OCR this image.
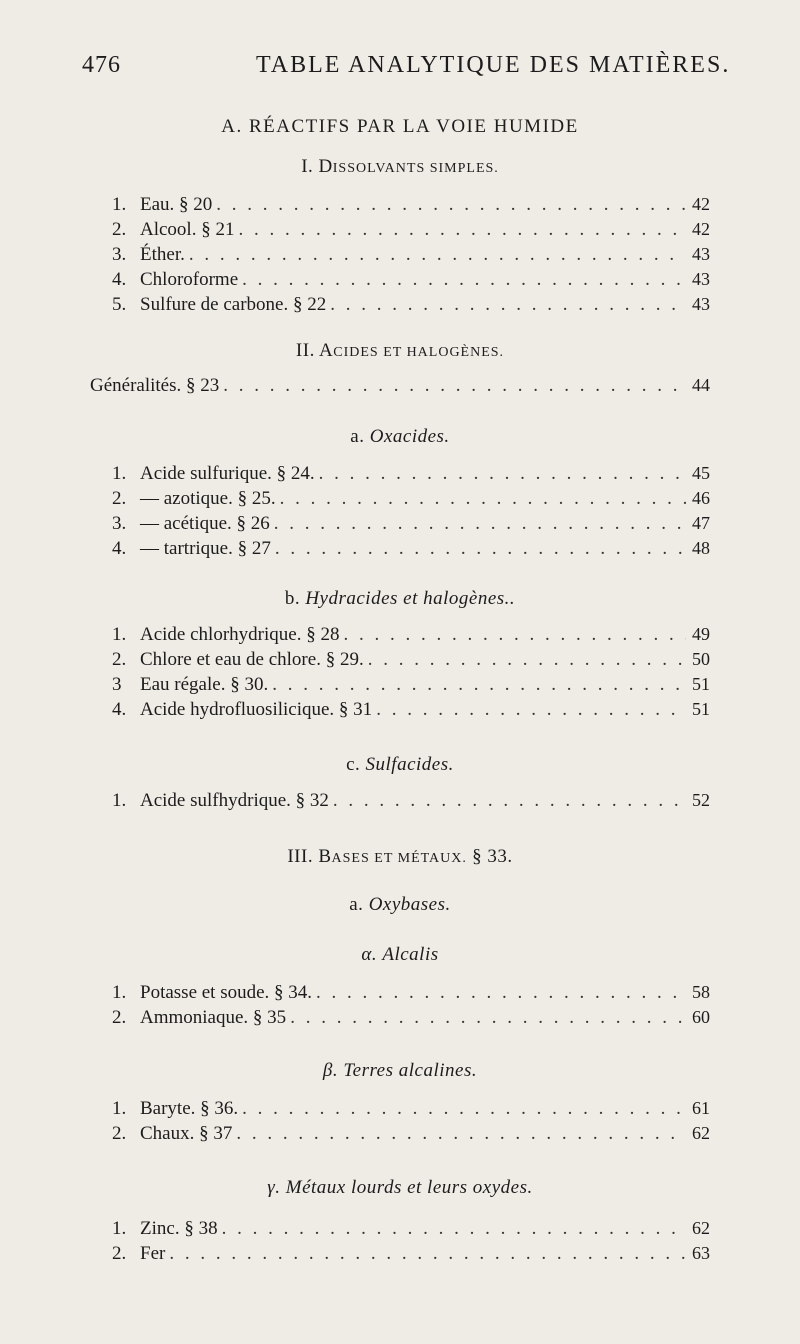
476	TABLE ANALYTIQUE DES MATIÈRES.
A. RÉACTIFS PAR LA VOIE HUMIDE
I. DISSOLVANTS SIMPLES.
1. Eau. § 20 . . .	42
2. Alcool. § 21 . . .	42
3. Éther. . . .	43
4. Chloroforme . . .	43
5. Sulfure de carbone. § 22 . . .	43
II. ACIDES ET HALOGÈNES.
Généralités. § 23 . . .	44
a. Oxacides.
1. Acide sulfurique. § 24. . . .	45
2. — azotique. § 25. . . .	46
3. — acétique. § 26 . . .	47
4. — tartrique. § 27 . . .	48
b. Hydracides et halogènes..
1. Acide chlorhydrique. § 28 . . .	49
2. Chlore et eau de chlore. § 29. . . .	50
3 Eau régale. § 30. . . .	51
4. Acide hydrofluosilicique. § 31 . . .	51
c. Sulfacides.
1. Acide sulfhydrique. § 32 . . .	52
III. BASES ET MÉTAUX. § 33.
a. Oxybases.
α. Alcalis
1. Potasse et soude. § 34. . . .	58
2. Ammoniaque. § 35 . . .	60
β. Terres alcalines.
1. Baryte. § 36. . . .	61
2. Chaux. § 37 . . .	62
γ. Métaux lourds et leurs oxydes.
1. Zinc. § 38 . . .	62
2. Fer . . .	63
